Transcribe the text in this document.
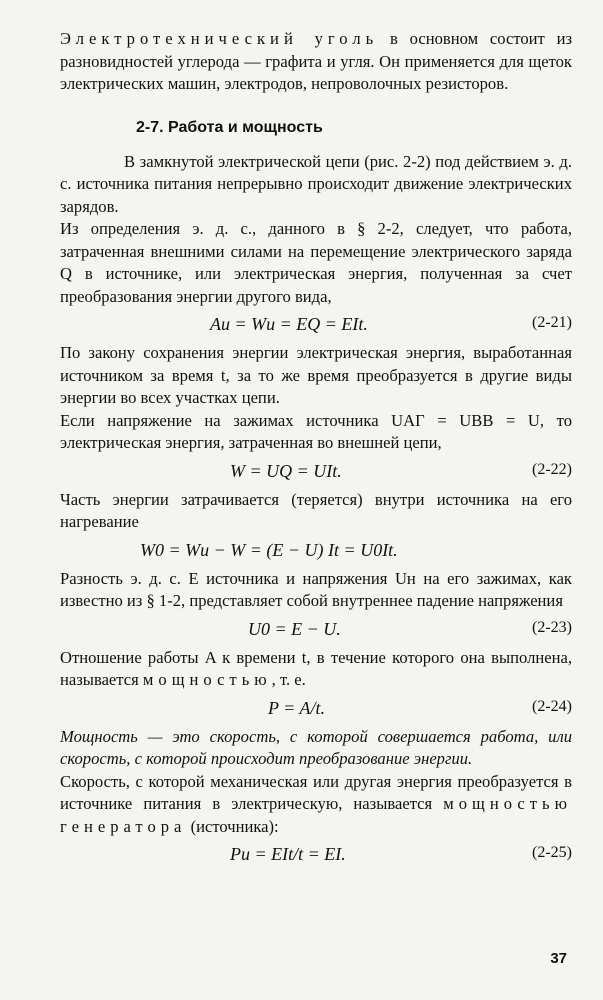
Электротехнический уголь в основном состоит из разновидностей углерода — графита и угля. Он применяется для щеток электрических машин, электродов, непроволочных резисторов.

2-7. Работа и мощность

В замкнутой электрической цепи (рис. 2-2) под действием э. д. с. источника питания непрерывно происходит движение электрических зарядов.

Из определения э. д. с., данного в § 2-2, следует, что работа, затраченная внешними силами на перемещение электрического заряда Q в источнике, или электрическая энергия, полученная за счет преобразования энергии другого вида,

Aи = Wи = EQ = EIt.	(2-21)

По закону сохранения энергии электрическая энергия, выработанная источником за время t, за то же время преобразуется в другие виды энергии во всех участках цепи.

Если напряжение на зажимах источника UAГ = UВВ = U, то электрическая энергия, затраченная во внешней цепи,

W = UQ = UIt.	(2-22)

Часть энергии затрачивается (теряется) внутри источника на его нагревание

W0 = Wи − W = (E − U) It = U0It.

Разность э. д. с. E источника и напряжения Uн на его зажимах, как известно из § 1-2, представляет собой внутреннее падение напряжения

U0 = E − U.	(2-23)

Отношение работы A к времени t, в течение которого она выполнена, называется мощностью, т. е.

P = A/t.	(2-24)

Мощность — это скорость, с которой совершается работа, или скорость, с которой происходит преобразование энергии.

Скорость, с которой механическая или другая энергия преобразуется в источнике питания в электрическую, называется мощностью генератора (источника):

Pи = EIt/t = EI.	(2-25)
37
